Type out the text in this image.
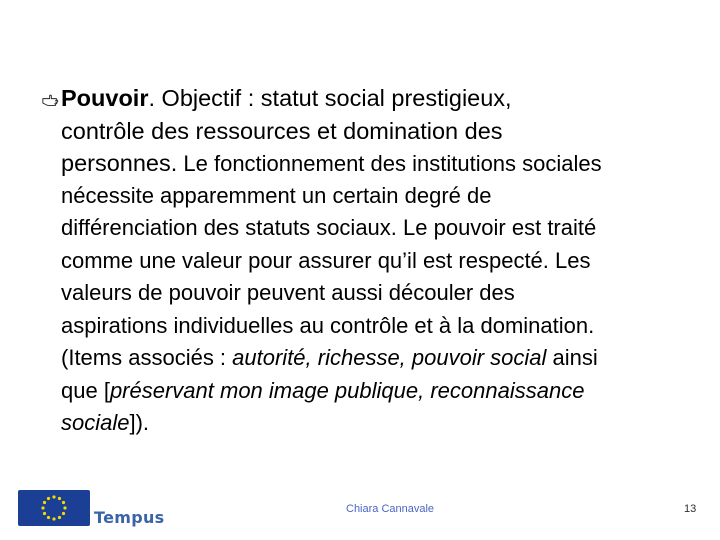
Pouvoir. Objectif : statut social prestigieux,
contrôle des ressources et domination des
personnes. Le fonctionnement des institutions sociales
nécessite apparemment un certain degré de
différenciation des statuts sociaux. Le pouvoir est traité
comme une valeur pour assurer qu’il est respecté. Les
valeurs de pouvoir peuvent aussi découler des
aspirations individuelles au contrôle et à la domination.
(Items associés : autorité, richesse, pouvoir social ainsi
que [préservant mon image publique, reconnaissance
sociale]).
Tempus	Chiara Cannavale	13
